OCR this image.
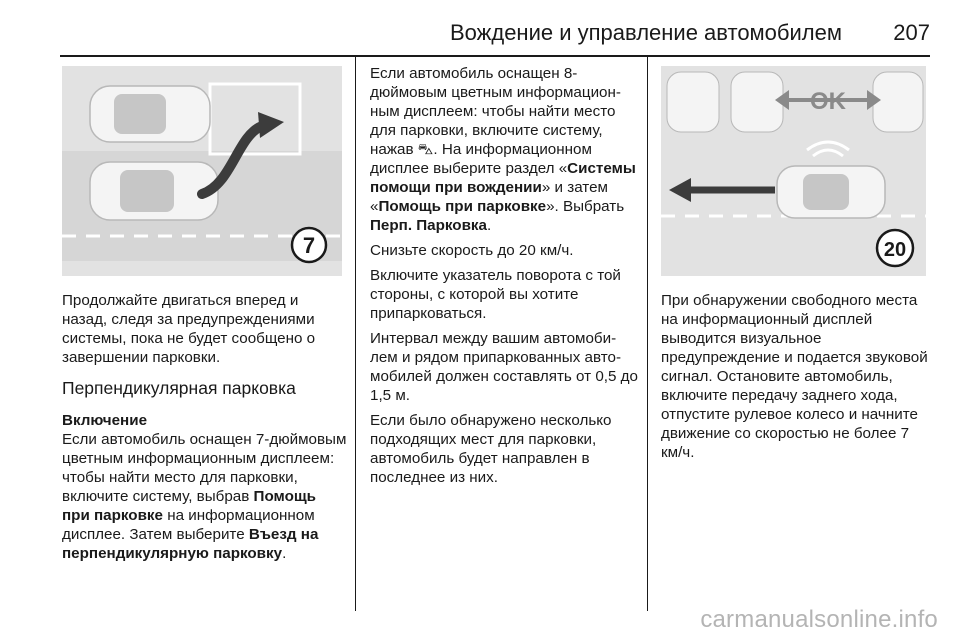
Вождение и управление автомобилем 207
7
OK
20

Продолжайте двигаться вперед и назад, следя за предупреждениями системы, пока не будет сообщено о завершении парковки.

Перпендикулярная парковка

Включение

Если автомобиль оснащен 7-дюймовым цветным информационным дисплеем: чтобы найти место для парковки, включите систему, выбрав Помощь при парковке на информационном дисплее. Затем выберите Въезд на перпендикулярную парковку.

Если автомобиль оснащен 8-дюймовым цветным информационным дисплеем: чтобы найти место для парковки, включите систему, нажав ⛍. На информационном дисплее выберите раздел «Системы помощи при вождении» и затем «Помощь при парковке». Выбрать Перп. Парковка.

Снизьте скорость до 20 км/ч.

Включите указатель поворота с той стороны, с которой вы хотите припарковаться.

Интервал между вашим автомобилем и рядом припаркованных автомобилей должен составлять от 0,5 до 1,5 м.

Если было обнаружено несколько подходящих мест для парковки, автомобиль будет направлен в последнее из них.

При обнаружении свободного места на информационный дисплей выводится визуальное предупреждение и подается звуковой сигнал. Остановите автомобиль, включите передачу заднего хода, отпустите рулевое колесо и начните движение со скоростью не более 7 км/ч.

carmanualsonline.info
